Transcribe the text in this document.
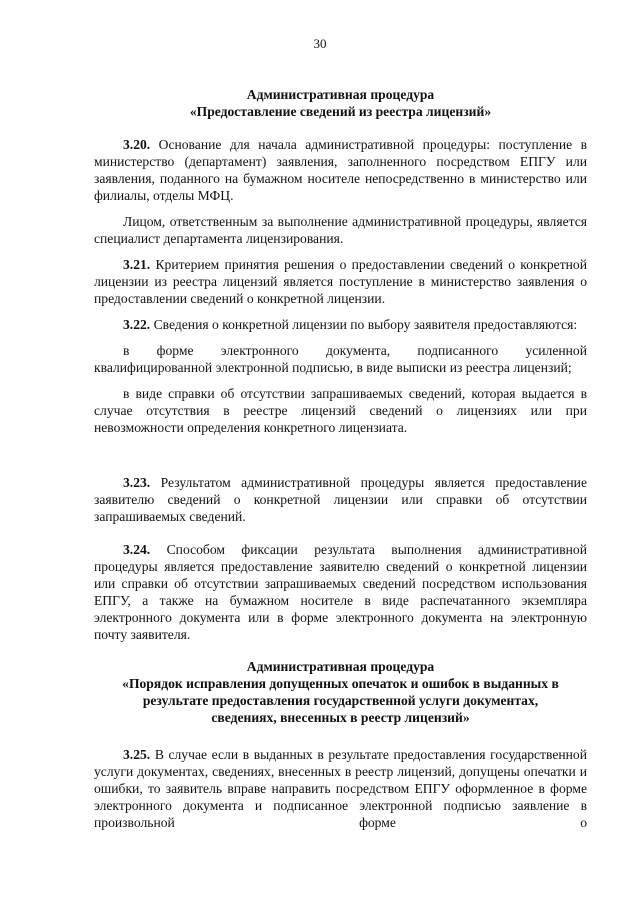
30
Административная процедура
«Предоставление сведений из реестра лицензий»

3.20. Основание для начала административной процедуры: поступление в министерство (департамент) заявления, заполненного посредством ЕПГУ или заявления, поданного на бумажном носителе непосредственно в министерство или филиалы, отделы МФЦ.

Лицом, ответственным за выполнение административной процедуры, является специалист департамента лицензирования.

3.21. Критерием принятия решения о предоставлении сведений о конкретной лицензии из реестра лицензий является поступление в министерство заявления о предоставлении сведений о конкретной лицензии.

3.22. Сведения о конкретной лицензии по выбору заявителя предоставляются:

в форме электронного документа, подписанного усиленной квалифицированной электронной подписью, в виде выписки из реестра лицензий;

в виде справки об отсутствии запрашиваемых сведений, которая выдается в случае отсутствия в реестре лицензий сведений о лицензиях или при невозможности определения конкретного лицензиата.

3.23. Результатом административной процедуры является предоставление заявителю сведений о конкретной лицензии или справки об отсутствии запрашиваемых сведений.

3.24. Способом фиксации результата выполнения административной процедуры является предоставление заявителю сведений о конкретной лицензии или справки об отсутствии запрашиваемых сведений посредством использования ЕПГУ, а также на бумажном носителе в виде распечатанного экземпляра электронного документа или в форме электронного документа на электронную почту заявителя.

Административная процедура
«Порядок исправления допущенных опечаток и ошибок в выданных в
результате предоставления государственной услуги документах,
сведениях, внесенных в реестр лицензий»

3.25. В случае если в выданных в результате предоставления государственной услуги документах, сведениях, внесенных в реестр лицензий, допущены опечатки и ошибки, то заявитель вправе направить посредством ЕПГУ оформленное в форме электронного документа и подписанное электронной подписью заявление в произвольной форме о
